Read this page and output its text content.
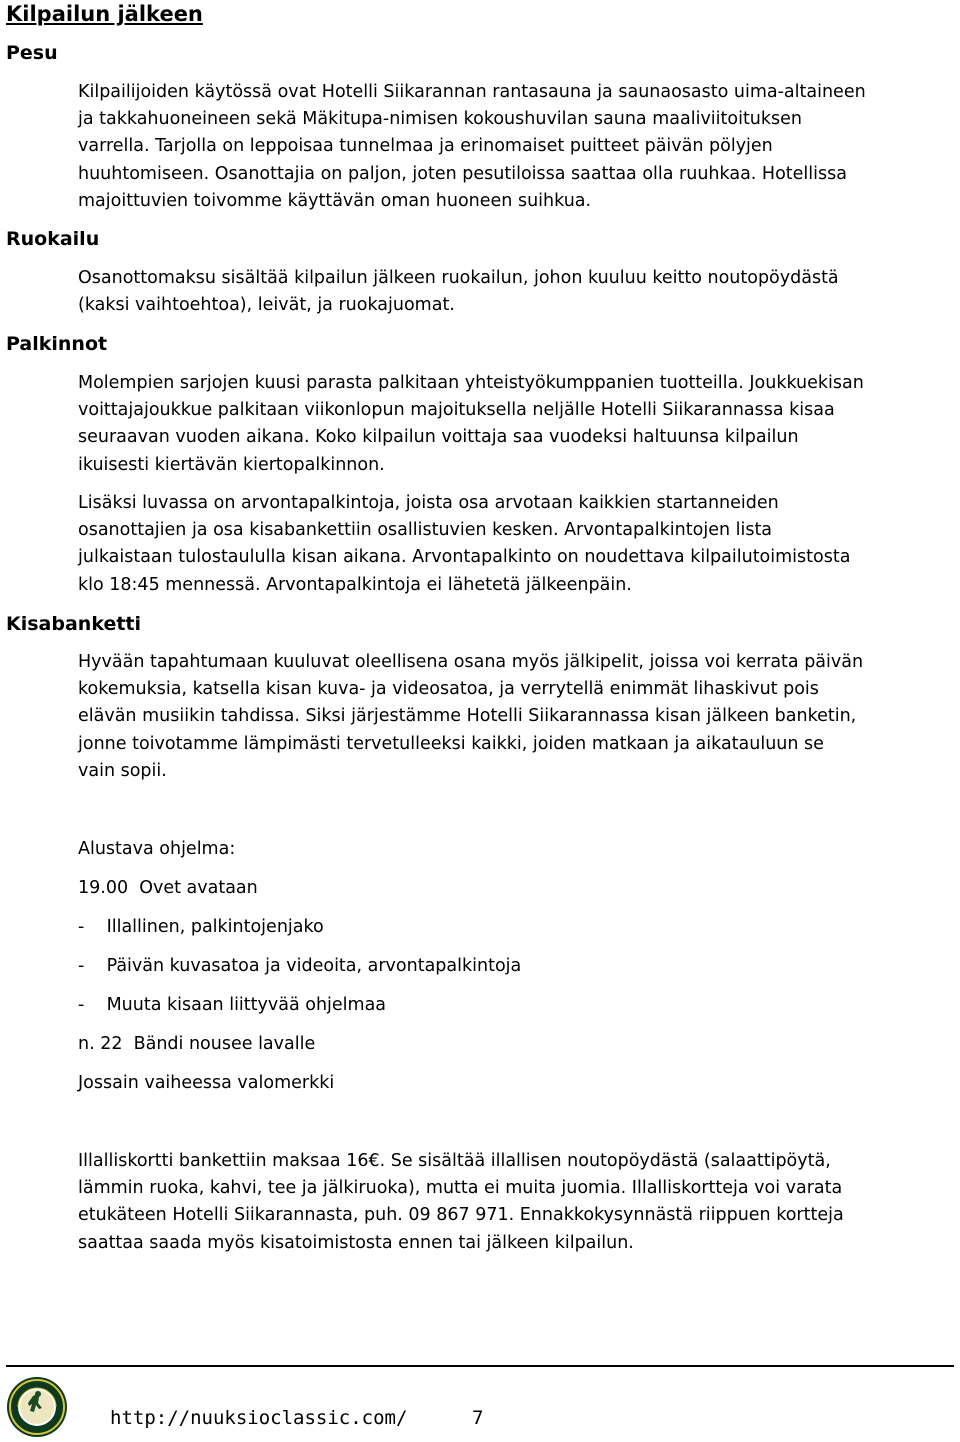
Kilpailun jälkeen
Pesu
Kilpailijoiden käytössä ovat Hotelli Siikarannan rantasauna ja saunaosasto uima-altaineen
ja takkahuoneineen sekä Mäkitupa-nimisen kokoushuvilan sauna maaliviitoituksen
varrella. Tarjolla on leppoisaa tunnelmaa ja erinomaiset puitteet päivän pölyjen
huuhtomiseen. Osanottajia on paljon, joten pesutiloissa saattaa olla ruuhkaa. Hotellissa
majoittuvien toivomme käyttävän oman huoneen suihkua.
Ruokailu
Osanottomaksu sisältää kilpailun jälkeen ruokailun, johon kuuluu keitto noutopöydästä
(kaksi vaihtoehtoa), leivät, ja ruokajuomat.
Palkinnot
Molempien sarjojen kuusi parasta palkitaan yhteistyökumppanien tuotteilla. Joukkuekisan
voittajajoukkue palkitaan viikonlopun majoituksella neljälle Hotelli Siikarannassa kisaa
seuraavan vuoden aikana. Koko kilpailun voittaja saa vuodeksi haltuunsa kilpailun
ikuisesti kiertävän kiertopalkinnon.
Lisäksi luvassa on arvontapalkintoja, joista osa arvotaan kaikkien startanneiden
osanottajien ja osa kisabankettiin osallistuvien kesken. Arvontapalkintojen lista
julkaistaan tulostaululla kisan aikana. Arvontapalkinto on noudettava kilpailutoimistosta
klo 18:45 mennessä. Arvontapalkintoja ei lähetetä jälkeenpäin.
Kisabanketti
Hyvään tapahtumaan kuuluvat oleellisena osana myös jälkipelit, joissa voi kerrata päivän
kokemuksia, katsella kisan kuva- ja videosatoa, ja verrytellä enimmät lihaskivut pois
elävän musiikin tahdissa. Siksi järjestämme Hotelli Siikarannassa kisan jälkeen banketin,
jonne toivotamme lämpimästi tervetulleeksi kaikki, joiden matkaan ja aikatauluun se
vain sopii.
Alustava ohjelma:
19.00  Ovet avataan
-    Illallinen, palkintojenjako
-    Päivän kuvasatoa ja videoita, arvontapalkintoja
-    Muuta kisaan liittyvää ohjelmaa
n. 22  Bändi nousee lavalle
Jossain vaiheessa valomerkki
Illalliskortti bankettiin maksaa 16€. Se sisältää illallisen noutopöydästä (salaattipöytä,
lämmin ruoka, kahvi, tee ja jälkiruoka), mutta ei muita juomia. Illalliskortteja voi varata
etukäteen Hotelli Siikarannasta, puh. 09 867 971. Ennakkokysynnästä riippuen kortteja
saattaa saada myös kisatoimistosta ennen tai jälkeen kilpailun.
http://nuuksioclassic.com/	7
